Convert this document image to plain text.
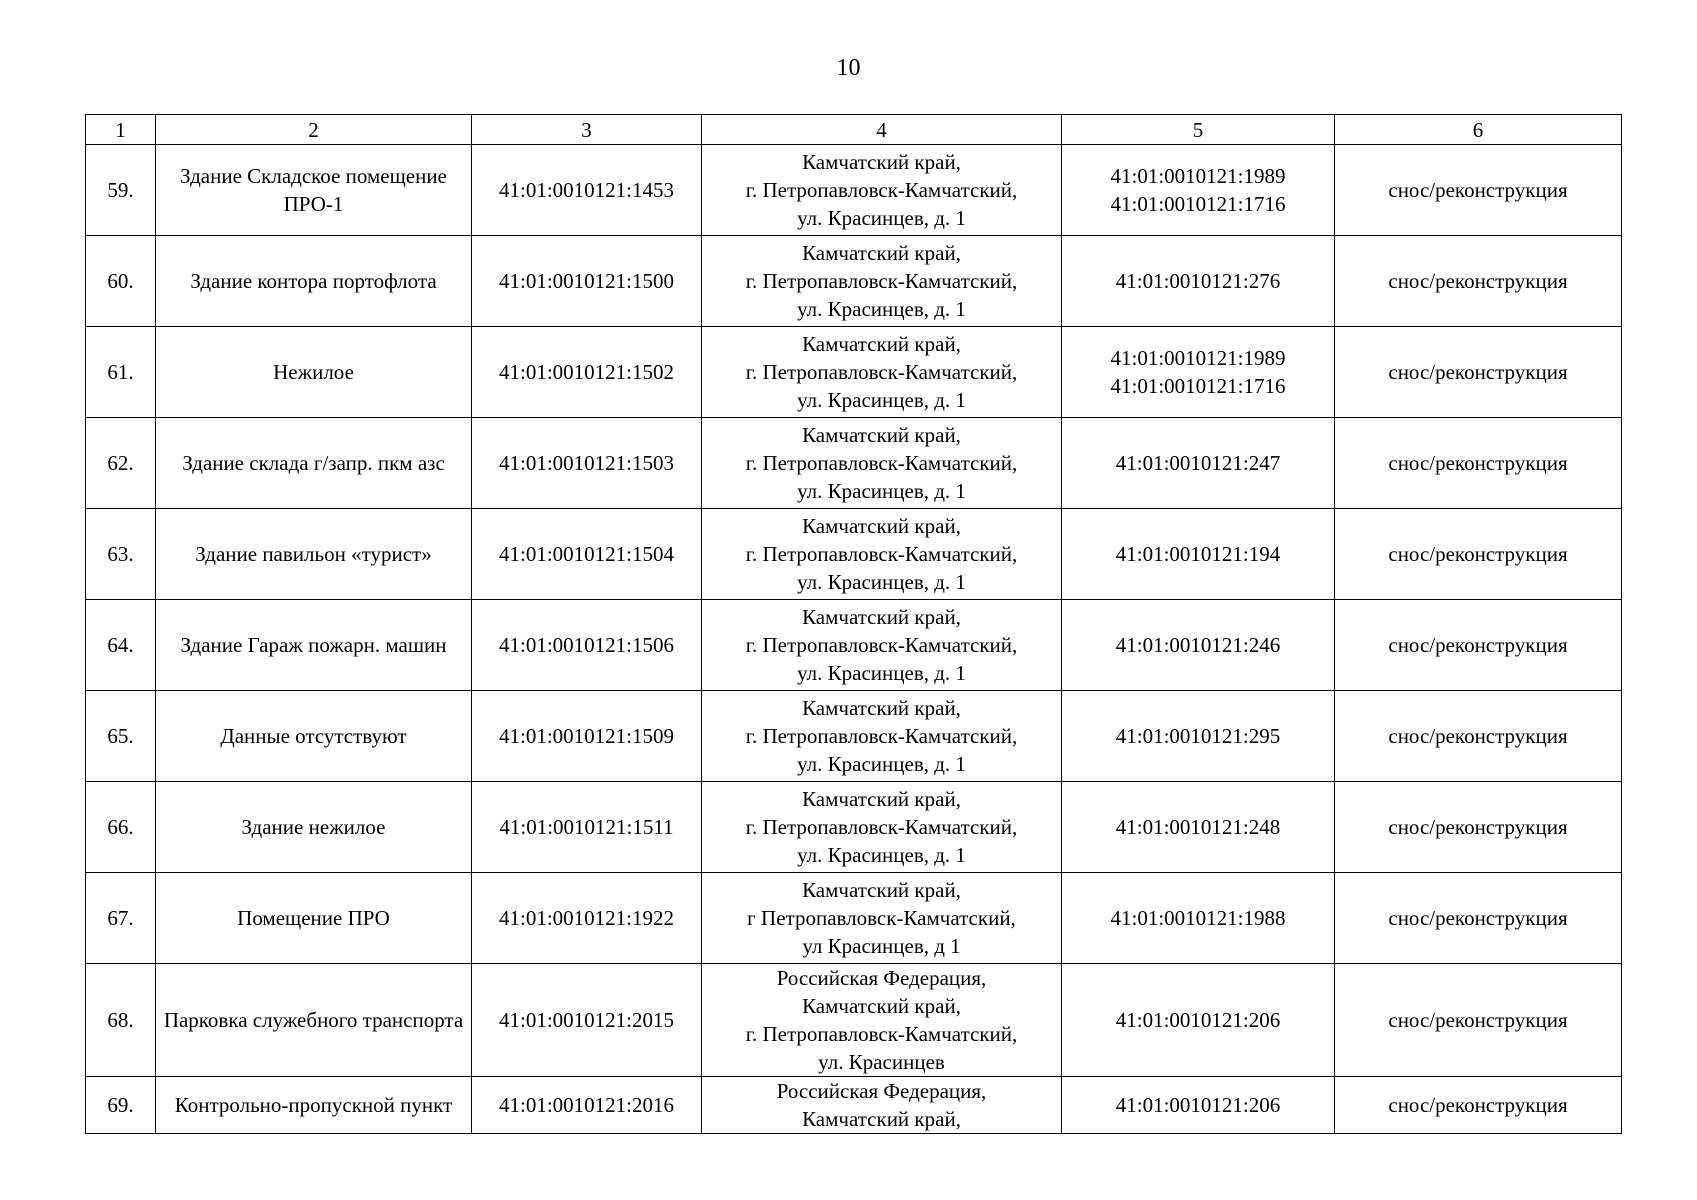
10
1	2	3	4	5	6
59.	Здание Складское помещение ПРО-1	41:01:0010121:1453	Камчатский край,
г. Петропавловск-Камчатский,
ул. Красинцев, д. 1	41:01:0010121:1989
41:01:0010121:1716	снос/реконструкция
60.	Здание контора портофлота	41:01:0010121:1500	Камчатский край,
г. Петропавловск-Камчатский,
ул. Красинцев, д. 1	41:01:0010121:276	снос/реконструкция
61.	Нежилое	41:01:0010121:1502	Камчатский край,
г. Петропавловск-Камчатский,
ул. Красинцев, д. 1	41:01:0010121:1989
41:01:0010121:1716	снос/реконструкция
62.	Здание склада г/запр. пкм азс	41:01:0010121:1503	Камчатский край,
г. Петропавловск-Камчатский,
ул. Красинцев, д. 1	41:01:0010121:247	снос/реконструкция
63.	Здание павильон «турист»	41:01:0010121:1504	Камчатский край,
г. Петропавловск-Камчатский,
ул. Красинцев, д. 1	41:01:0010121:194	снос/реконструкция
64.	Здание Гараж пожарн. машин	41:01:0010121:1506	Камчатский край,
г. Петропавловск-Камчатский,
ул. Красинцев, д. 1	41:01:0010121:246	снос/реконструкция
65.	Данные отсутствуют	41:01:0010121:1509	Камчатский край,
г. Петропавловск-Камчатский,
ул. Красинцев, д. 1	41:01:0010121:295	снос/реконструкция
66.	Здание нежилое	41:01:0010121:1511	Камчатский край,
г. Петропавловск-Камчатский,
ул. Красинцев, д. 1	41:01:0010121:248	снос/реконструкция
67.	Помещение ПРО	41:01:0010121:1922	Камчатский край,
г Петропавловск-Камчатский,
ул Красинцев, д 1	41:01:0010121:1988	снос/реконструкция
68.	Парковка служебного транспорта	41:01:0010121:2015	Российская Федерация,
Камчатский край,
г. Петропавловск-Камчатский,
ул. Красинцев	41:01:0010121:206	снос/реконструкция
69.	Контрольно-пропускной пункт	41:01:0010121:2016	Российская Федерация,
Камчатский край,	41:01:0010121:206	снос/реконструкция
